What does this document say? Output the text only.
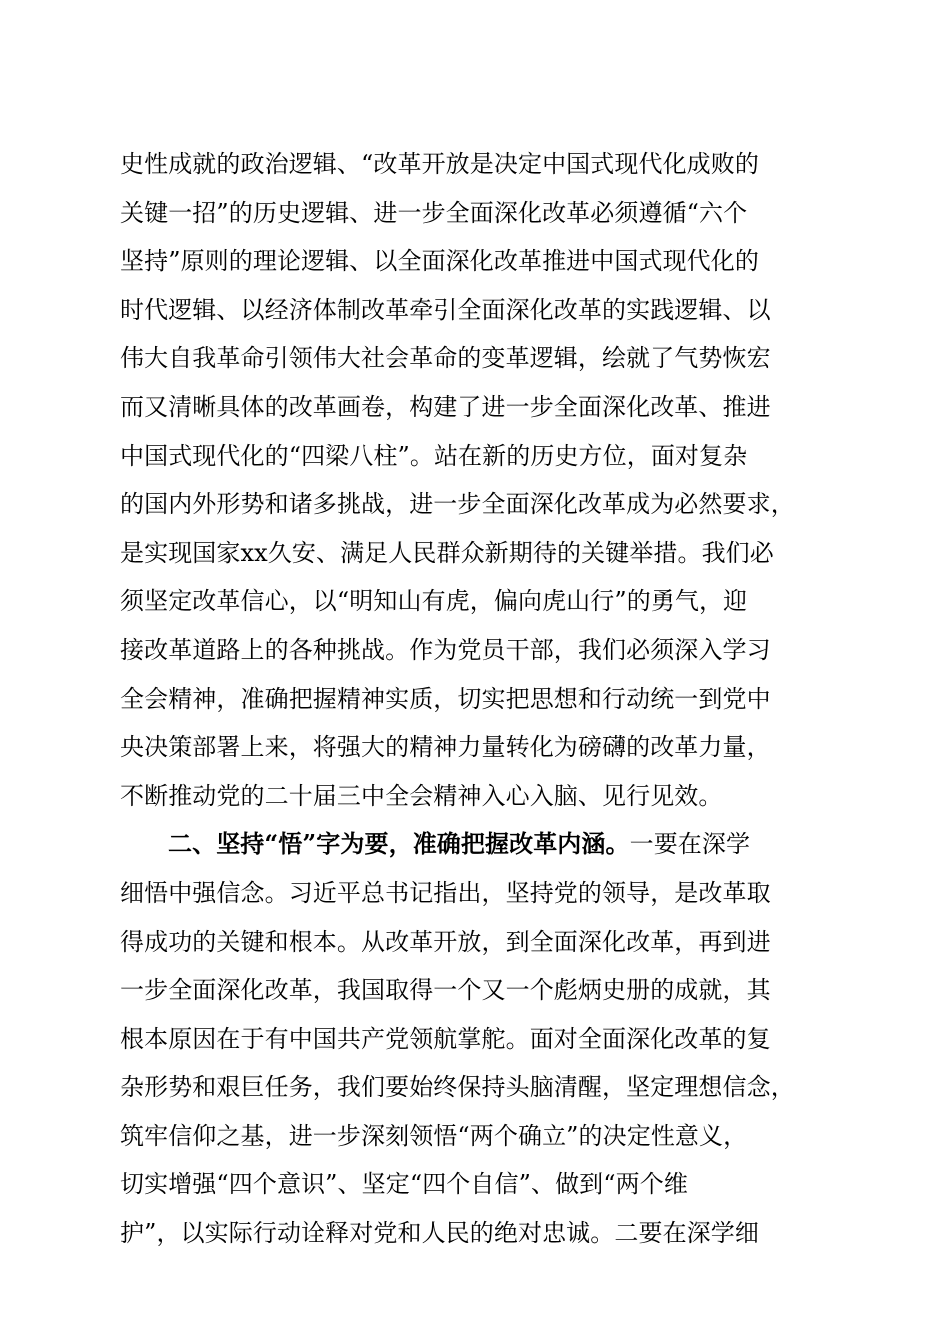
史性成就的政治逻辑、“改革开放是决定中国式现代化成败的
关键一招”的历史逻辑、进一步全面深化改革必须遵循“六个
坚持”原则的理论逻辑、以全面深化改革推进中国式现代化的
时代逻辑、以经济体制改革牵引全面深化改革的实践逻辑、以
伟大自我革命引领伟大社会革命的变革逻辑，绘就了气势恢宏
而又清晰具体的改革画卷，构建了进一步全面深化改革、推进
中国式现代化的“四梁八柱”。站在新的历史方位，面对复杂
的国内外形势和诸多挑战，进一步全面深化改革成为必然要求，
是实现国家xx久安、满足人民群众新期待的关键举措。我们必
须坚定改革信心，以“明知山有虎，偏向虎山行”的勇气，迎
接改革道路上的各种挑战。作为党员干部，我们必须深入学习
全会精神，准确把握精神实质，切实把思想和行动统一到党中
央决策部署上来，将强大的精神力量转化为磅礴的改革力量，
不断推动党的二十届三中全会精神入心入脑、见行见效。
二、坚持“悟”字为要，准确把握改革内涵。一要在深学
细悟中强信念。习近平总书记指出，坚持党的领导，是改革取
得成功的关键和根本。从改革开放，到全面深化改革，再到进
一步全面深化改革，我国取得一个又一个彪炳史册的成就，其
根本原因在于有中国共产党领航掌舵。面对全面深化改革的复
杂形势和艰巨任务，我们要始终保持头脑清醒，坚定理想信念，
筑牢信仰之基，进一步深刻领悟“两个确立”的决定性意义，
切实增强“四个意识”、坚定“四个自信”、做到“两个维
护”，以实际行动诠释对党和人民的绝对忠诚。二要在深学细
